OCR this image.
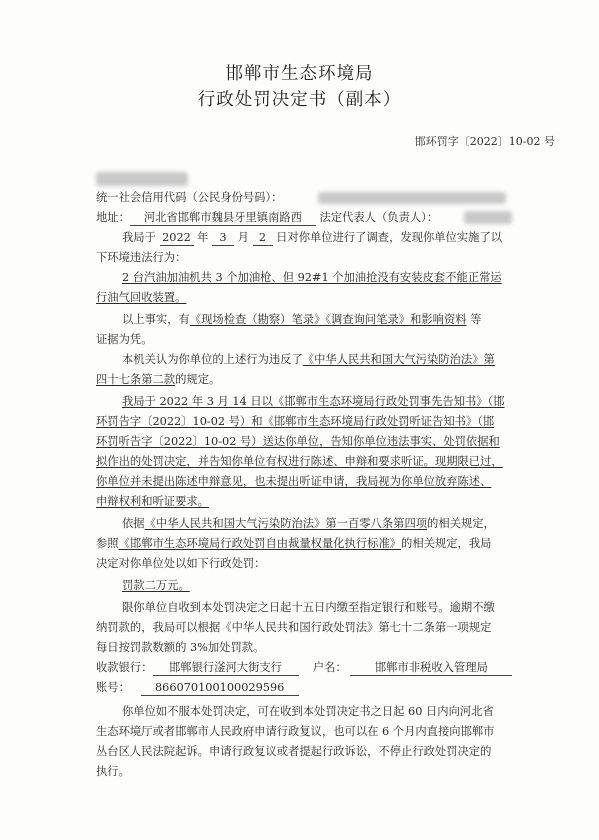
邯郸市生态环境局
行政处罚决定书（副本）
邯环罚字〔2022〕10-02 号
统一社会信用代码（公民身份号码）：
地址： 河北省邯郸市魏县牙里镇南路西 法定代表人（负责人）：
我局于 2022 年 3 月 2 日对你单位进行了调查，发现你单位实施了以
下环境违法行为：
2 台汽油加油机共 3 个加油枪、但 92#1 个加油抢没有安装皮套不能正常运
行油气回收装置。
以上事实，有《现场检查（勘察）笔录》《调查询问笔录》和影响资料 等
证据为凭。
本机关认为你单位的上述行为违反了《中华人民共和国大气污染防治法》第
四十七条第二款的规定。
我局于 2022 年 3 月 14 日以《邯郸市生态环境局行政处罚事先告知书》（邯
环罚告字〔2022〕10-02 号）和《邯郸市生态环境局行政处罚听证告知书》（邯
环罚听告字〔2022〕10-02 号）送达你单位，告知你单位违法事实、处罚依据和
拟作出的处罚决定，并告知你单位有权进行陈述、申辩和要求听证。现期限已过，
你单位并未提出陈述申辩意见，也未提出听证申请，我局视为你单位放弃陈述、
申辩权利和听证要求。
依据《中华人民共和国大气污染防治法》第一百零八条第四项的相关规定，
参照《邯郸市生态环境局行政处罚自由裁量权量化执行标准》的相关规定，我局
决定对你单位处以如下行政处罚：
罚款二万元。
限你单位自收到本处罚决定之日起十五日内缴至指定银行和账号。逾期不缴
纳罚款的，我局可以根据《中华人民共和国行政处罚法》第七十二条第一项规定
每日按罚款数额的 3%加处罚款。
收款银行： 邯郸银行滏河大街支行	户名： 邯郸市非税收入管理局
账号： 866070100100029596
你单位如不服本处罚决定，可在收到本处罚决定书之日起 60 日内向河北省
生态环境厅或者邯郸市人民政府申请行政复议，也可以在 6 个月内直接向邯郸市
丛台区人民法院起诉。申请行政复议或者提起行政诉讼，不停止行政处罚决定的
执行。
